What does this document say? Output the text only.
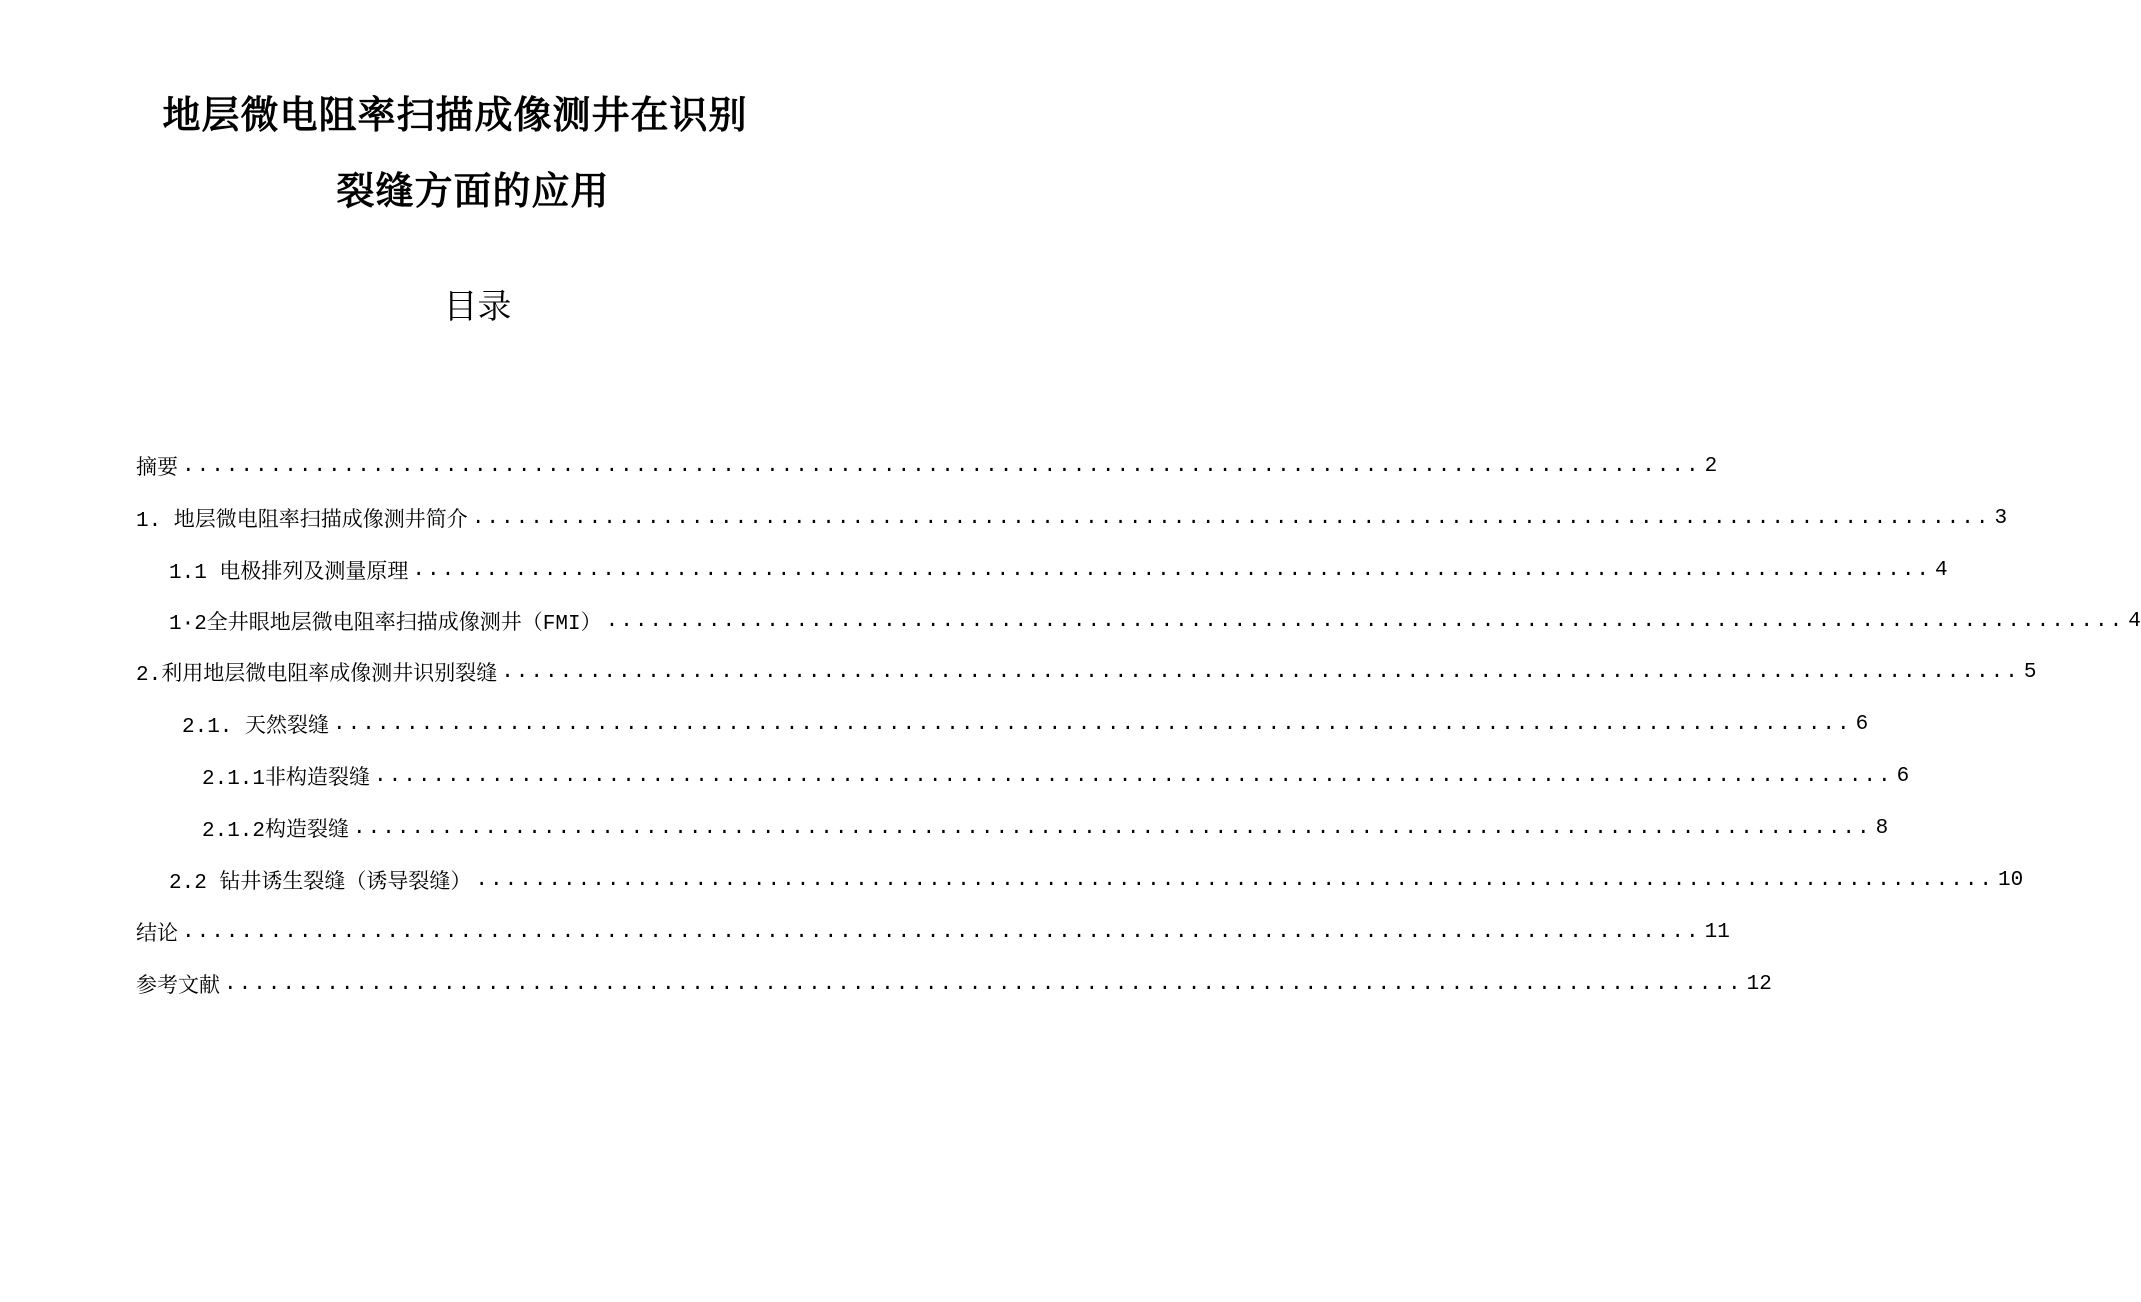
地层微电阻率扫描成像测井在识别
裂缝方面的应用
目录
摘要 ........................................................................................................ 2
1. 地层微电阻率扫描成像测井简介 ........................................................................................................ 3
1.1 电极排列及测量原理 ........................................................................................................ 4
1·2全井眼地层微电阻率扫描成像测井（FMI） ........................................................................................................ 4
2.利用地层微电阻率成像测井识别裂缝 ........................................................................................................ 5
2.1. 天然裂缝 ........................................................................................................ 6
2.1.1非构造裂缝 ........................................................................................................ 6
2.1.2构造裂缝 ........................................................................................................ 8
2.2 钻井诱生裂缝（诱导裂缝） ........................................................................................................ 10
结论 ........................................................................................................ 11
参考文献 ........................................................................................................ 12
